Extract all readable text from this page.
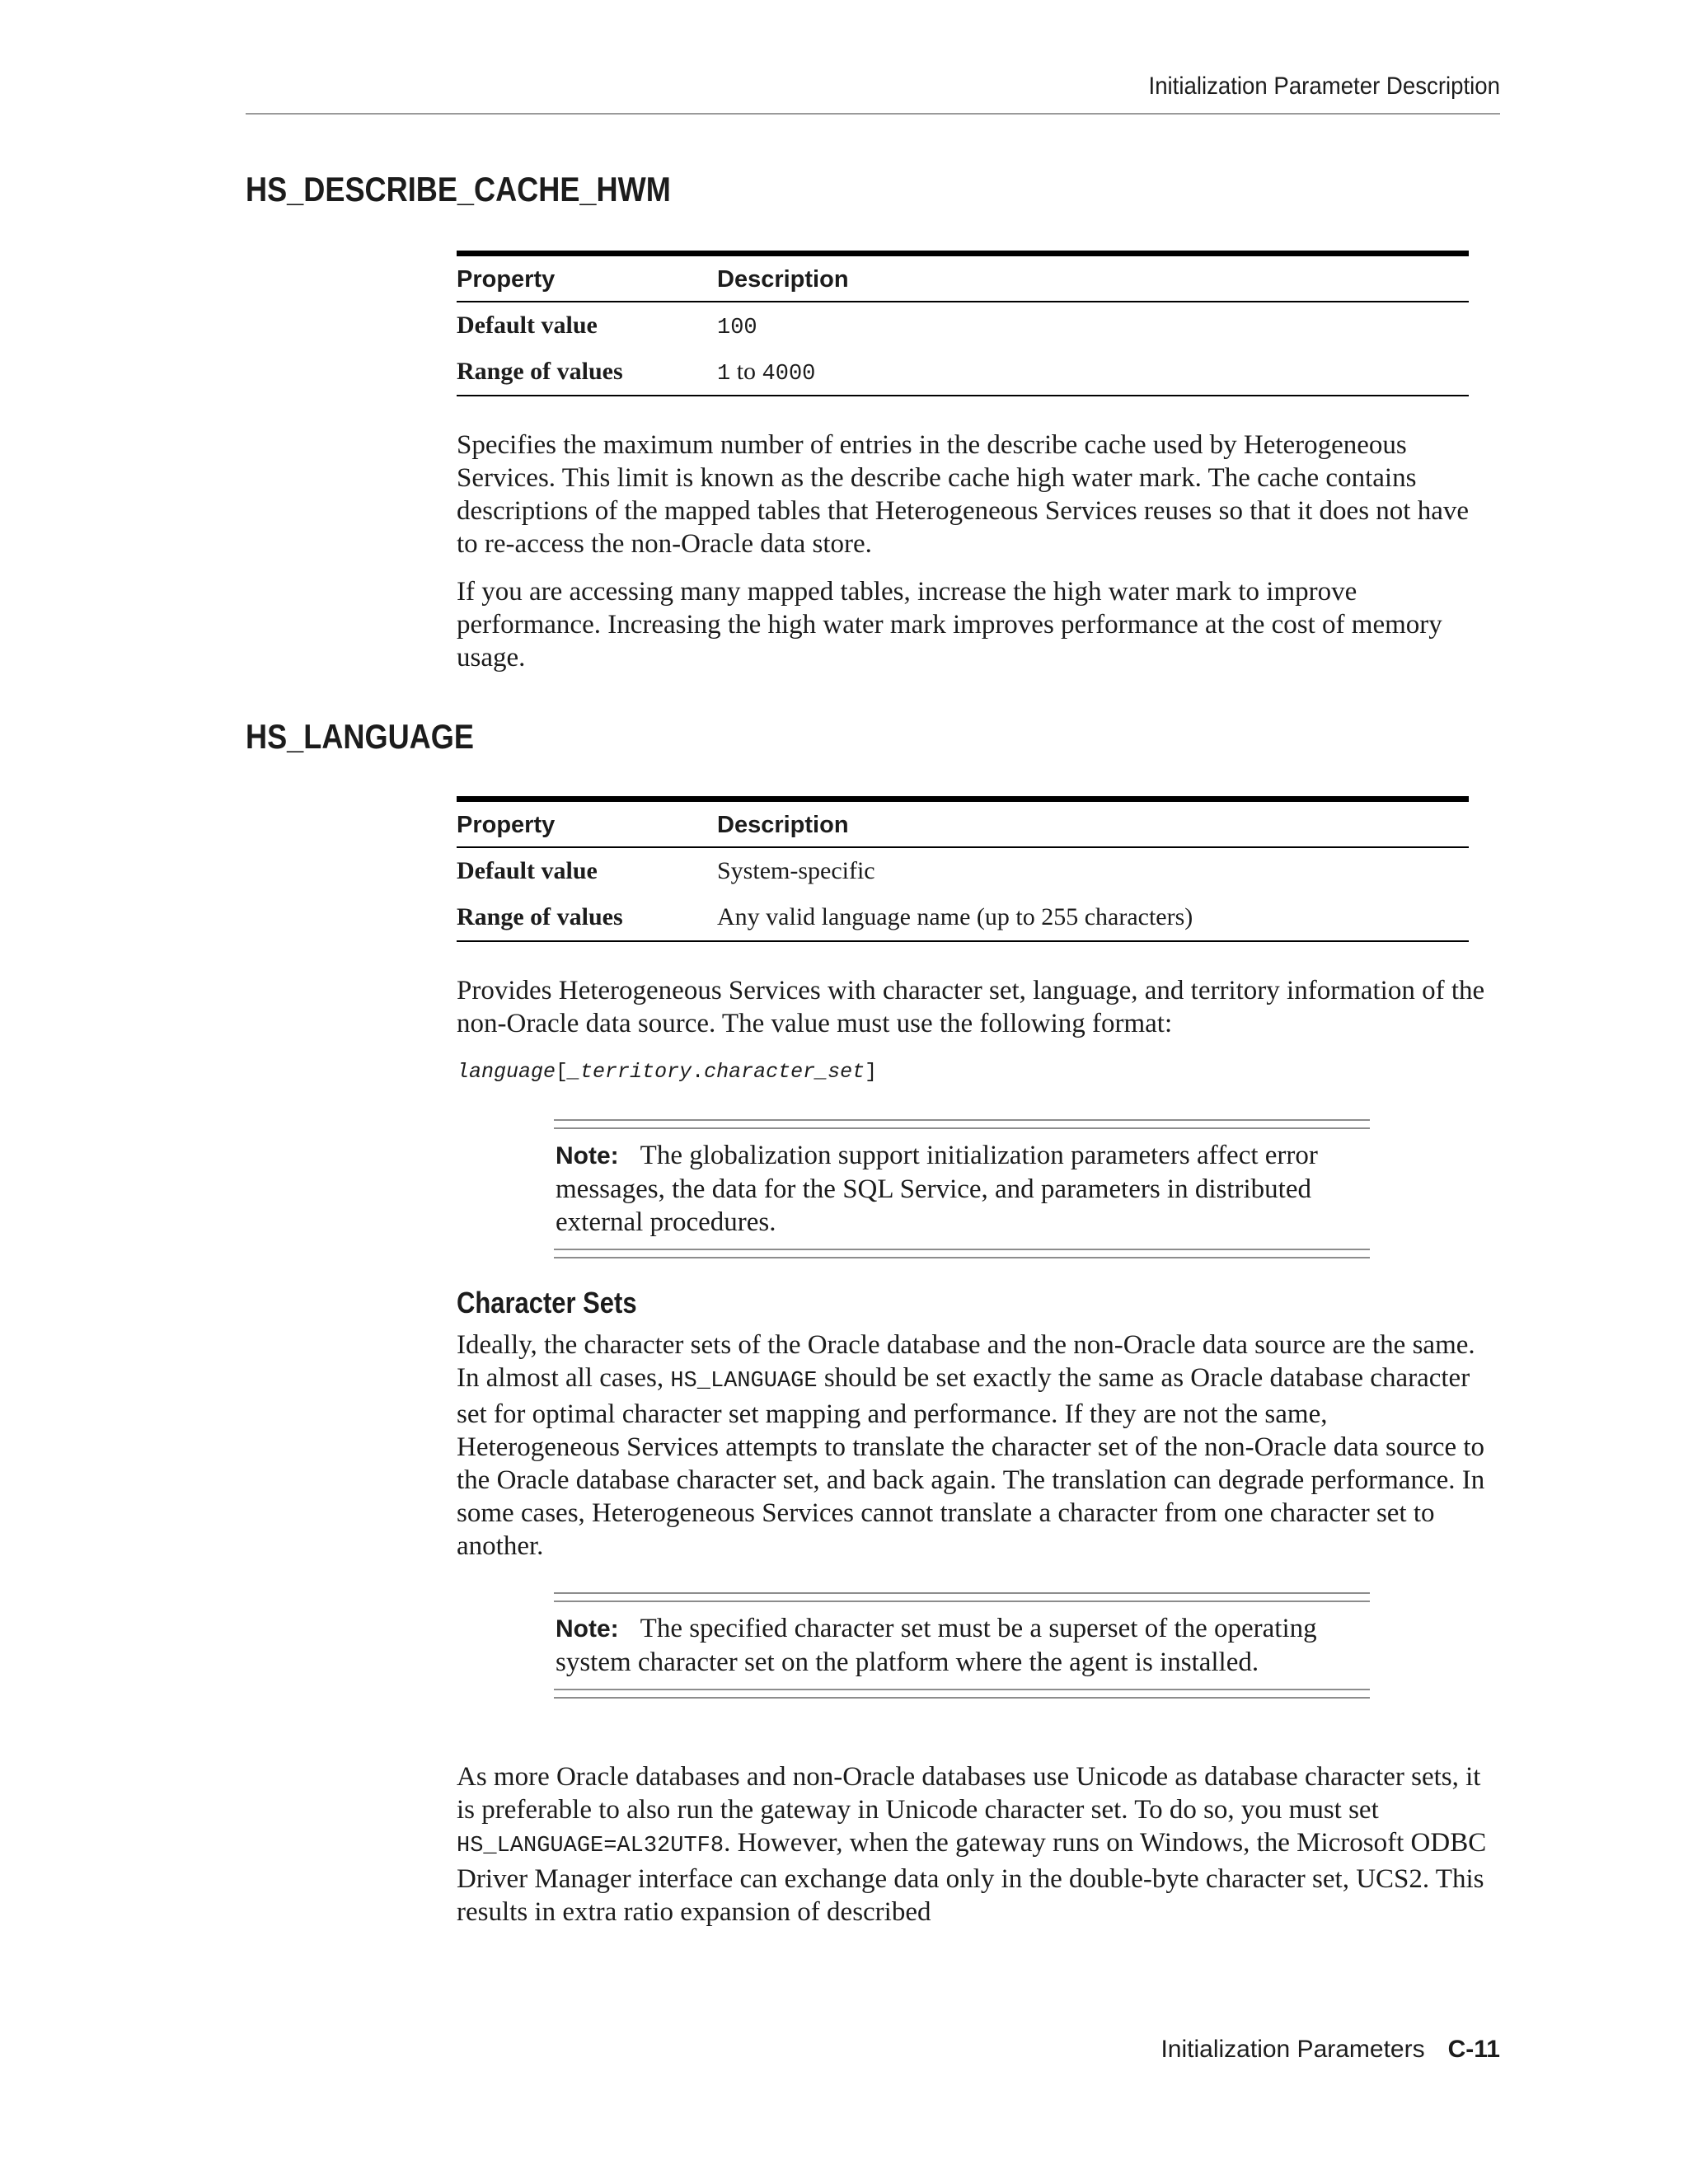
Initialization Parameter Description
HS_DESCRIBE_CACHE_HWM
Property	Description
Default value	100
Range of values	1 to 4000

Specifies the maximum number of entries in the describe cache used by Heterogeneous Services. This limit is known as the describe cache high water mark. The cache contains descriptions of the mapped tables that Heterogeneous Services reuses so that it does not have to re-access the non-Oracle data store.

If you are accessing many mapped tables, increase the high water mark to improve performance. Increasing the high water mark improves performance at the cost of memory usage.

HS_LANGUAGE
Property	Description
Default value	System-specific
Range of values	Any valid language name (up to 255 characters)

Provides Heterogeneous Services with character set, language, and territory information of the non-Oracle data source. The value must use the following format:

language[_territory.character_set]

Note: The globalization support initialization parameters affect error messages, the data for the SQL Service, and parameters in distributed external procedures.

Character Sets

Ideally, the character sets of the Oracle database and the non-Oracle data source are the same. In almost all cases, HS_LANGUAGE should be set exactly the same as Oracle database character set for optimal character set mapping and performance. If they are not the same, Heterogeneous Services attempts to translate the character set of the non-Oracle data source to the Oracle database character set, and back again. The translation can degrade performance. In some cases, Heterogeneous Services cannot translate a character from one character set to another.

Note: The specified character set must be a superset of the operating system character set on the platform where the agent is installed.

As more Oracle databases and non-Oracle databases use Unicode as database character sets, it is preferable to also run the gateway in Unicode character set. To do so, you must set HS_LANGUAGE=AL32UTF8. However, when the gateway runs on Windows, the Microsoft ODBC Driver Manager interface can exchange data only in the double-byte character set, UCS2. This results in extra ratio expansion of described

Initialization Parameters C-11
